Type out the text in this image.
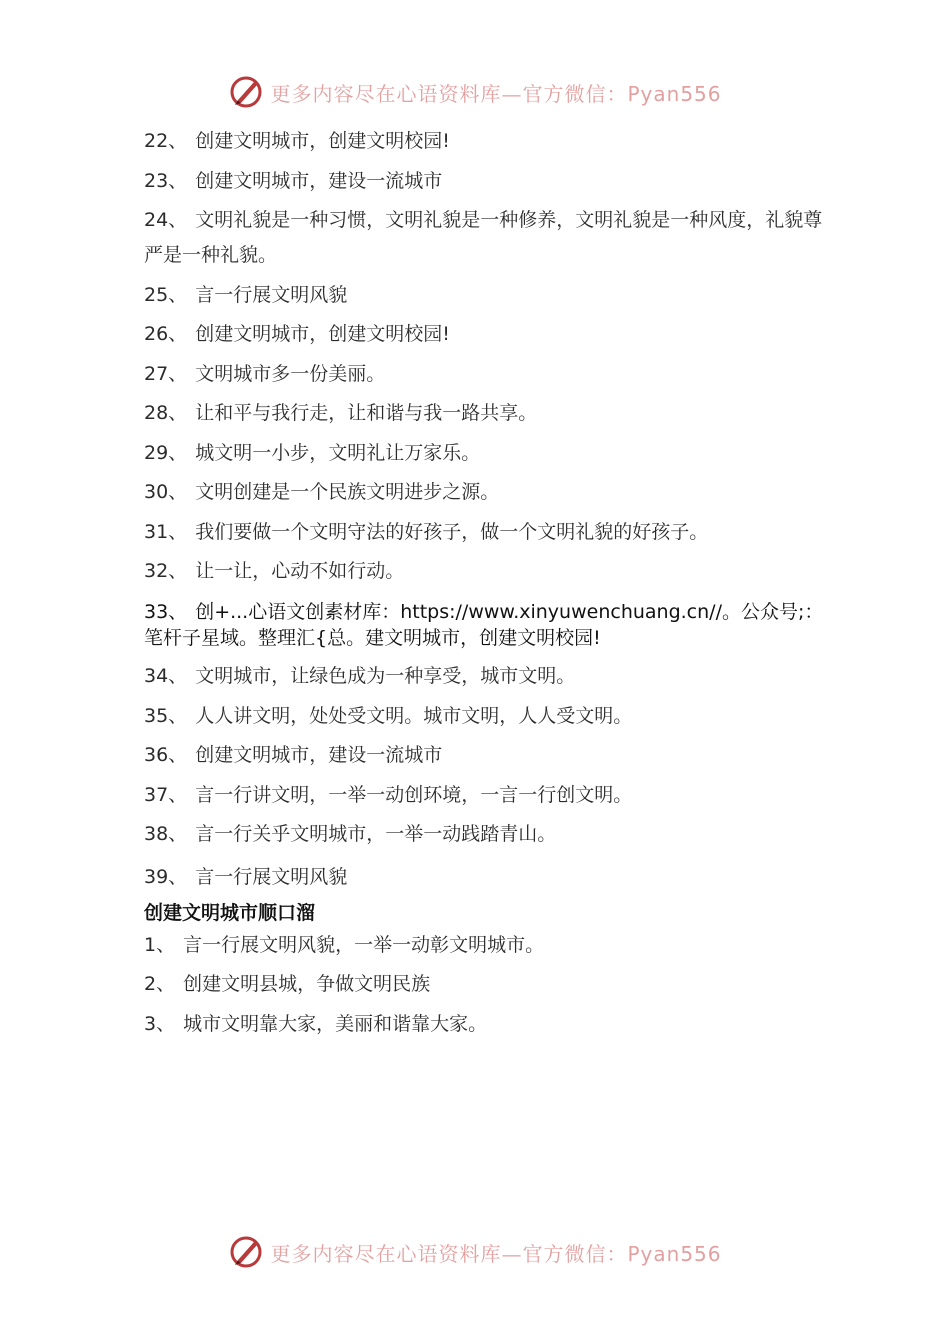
更多内容尽在心语资料库—官方微信：Pyan556
22、 创建文明城市，创建文明校园!
23、 创建文明城市，建设一流城市
24、 文明礼貌是一种习惯，文明礼貌是一种修养，文明礼貌是一种风度，礼貌尊严是一种礼貌。
25、 言一行展文明风貌
26、 创建文明城市，创建文明校园!
27、 文明城市多一份美丽。
28、 让和平与我行走，让和谐与我一路共享。
29、 城文明一小步，文明礼让万家乐。
30、 文明创建是一个民族文明进步之源。
31、 我们要做一个文明守法的好孩子，做一个文明礼貌的好孩子。
32、 让一让，心动不如行动。
33、 创+...心语文创素材库：https://www.xinyuwenchuang.cn//。公众号;：笔杆子星域。整理汇{总。建文明城市，创建文明校园!
34、 文明城市，让绿色成为一种享受，城市文明。
35、 人人讲文明，处处受文明。城市文明，人人受文明。
36、 创建文明城市，建设一流城市
37、 言一行讲文明，一举一动创环境，一言一行创文明。
38、 言一行关乎文明城市，一举一动践踏青山。
39、 言一行展文明风貌
创建文明城市顺口溜
1、 言一行展文明风貌，一举一动彰文明城市。
2、 创建文明县城，争做文明民族
3、 城市文明靠大家，美丽和谐靠大家。
更多内容尽在心语资料库—官方微信：Pyan556
